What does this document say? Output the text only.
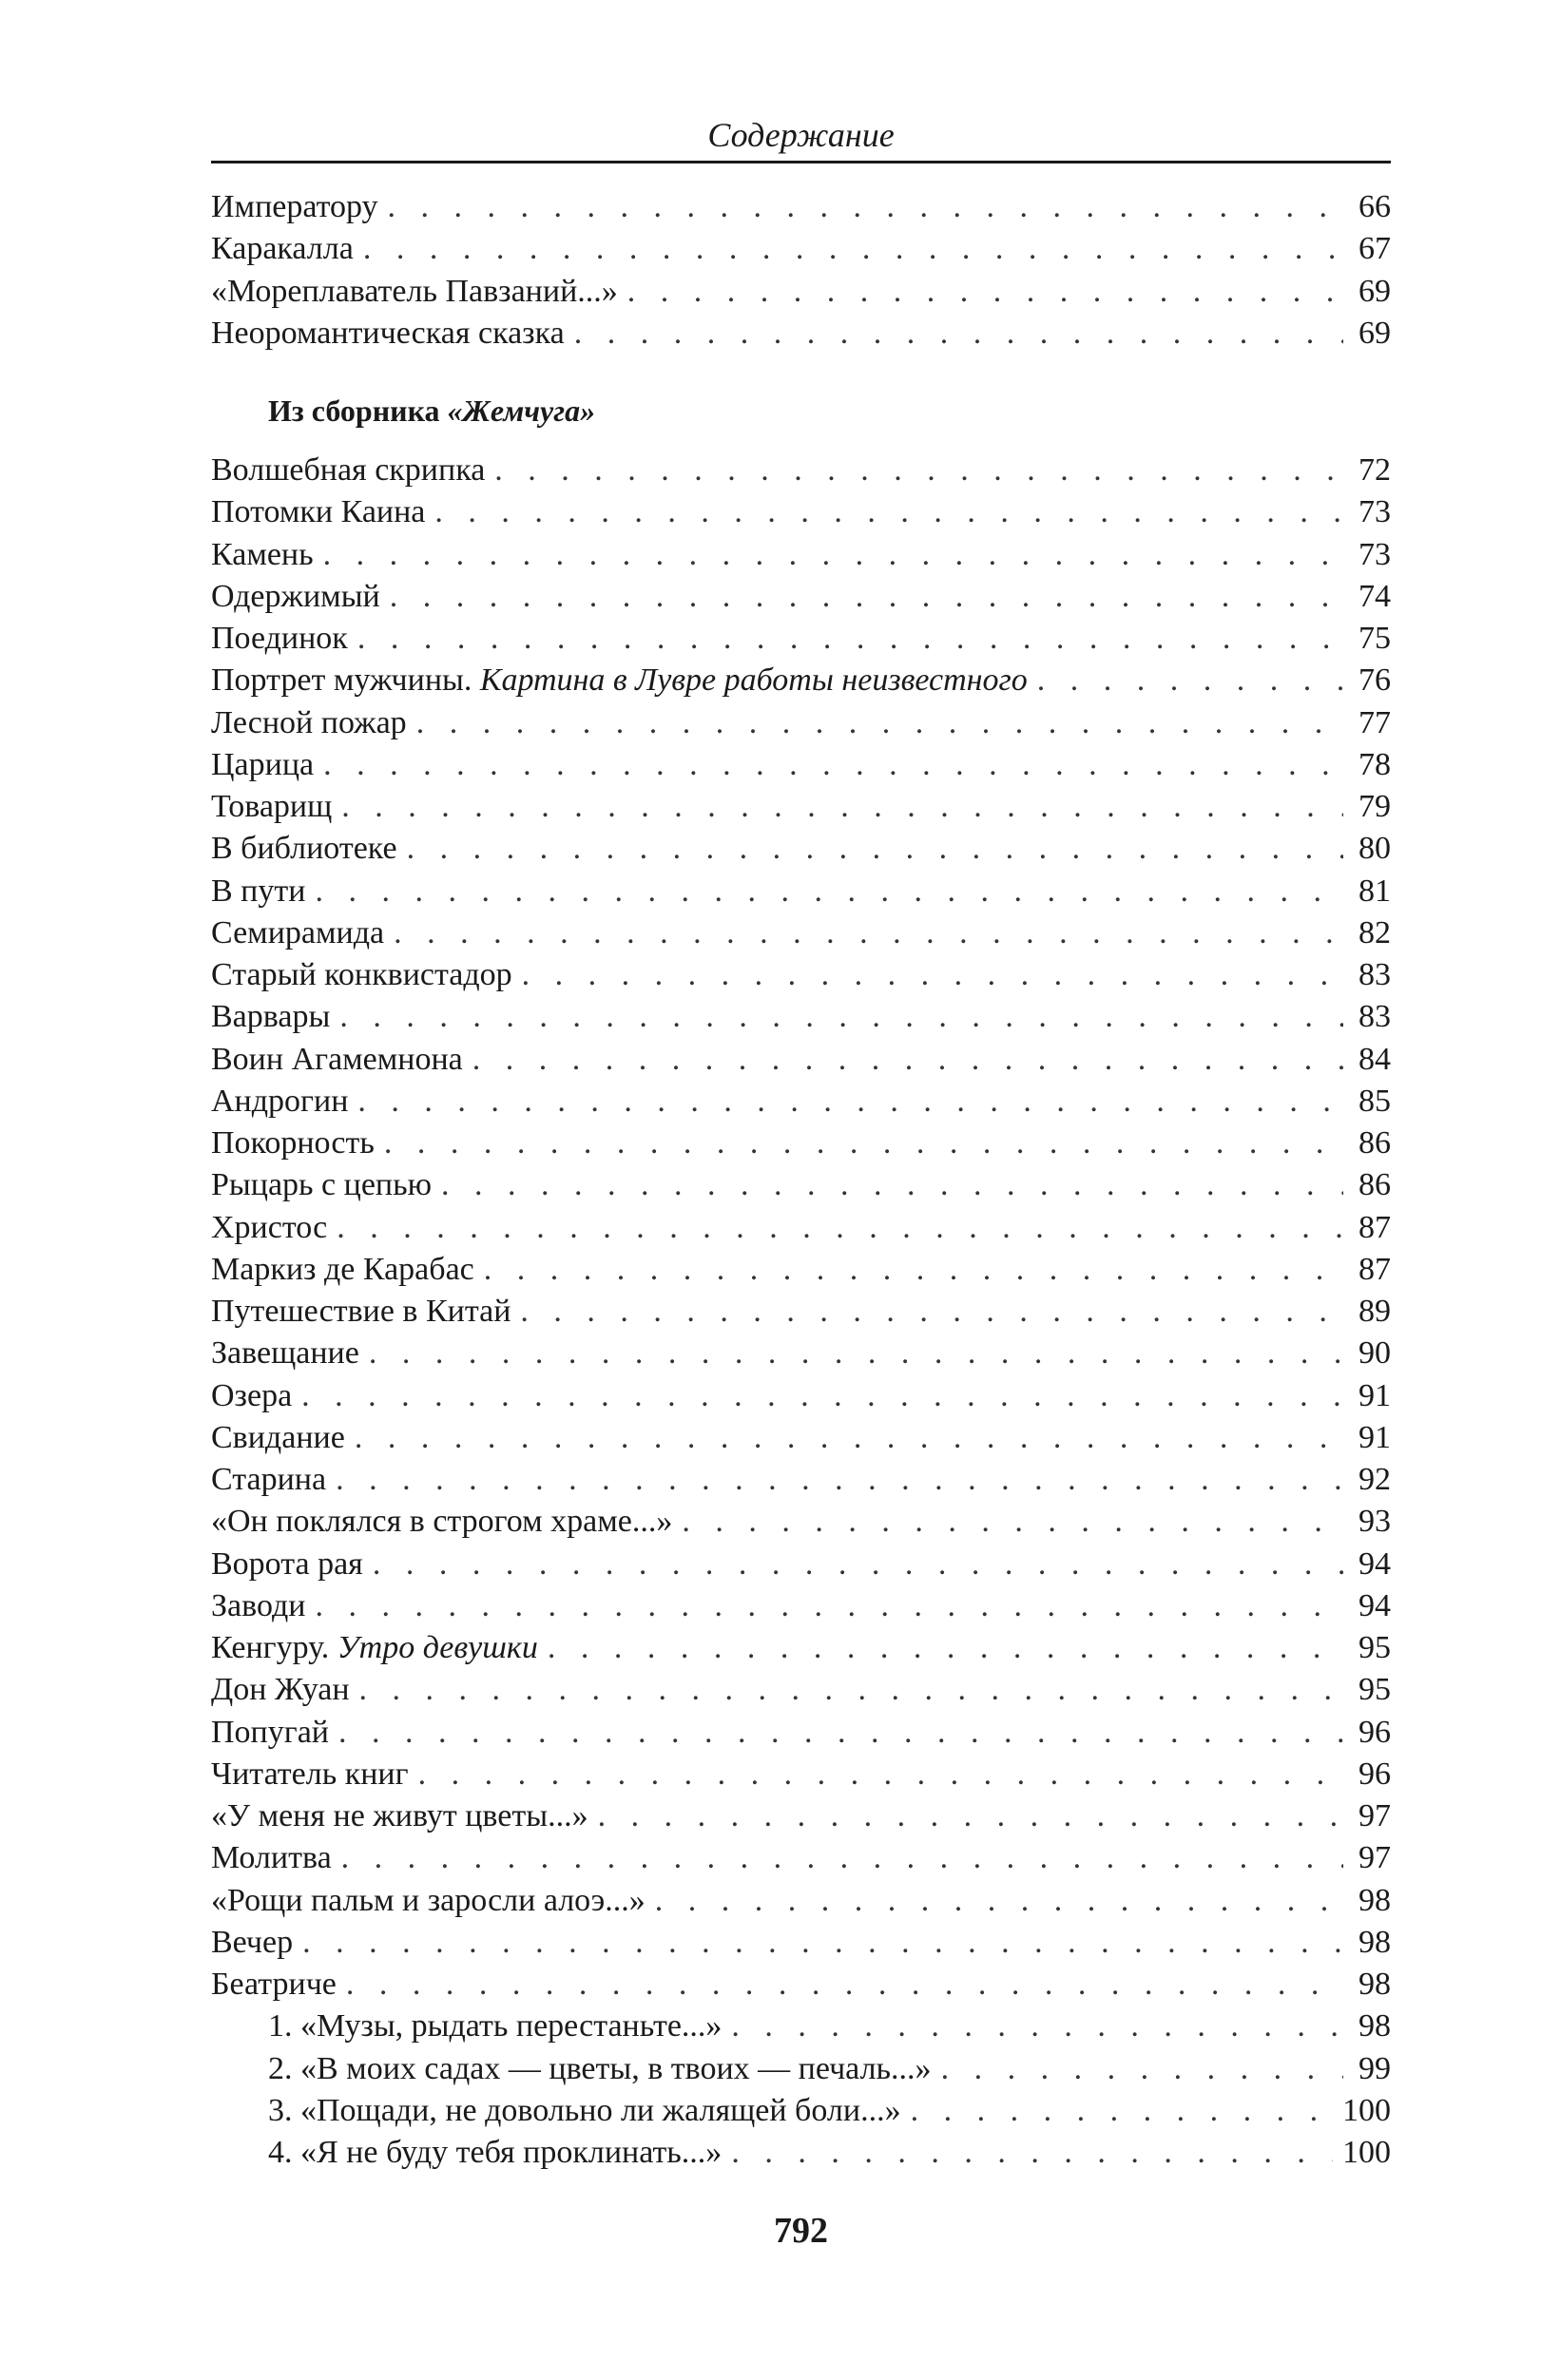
Содержание
Императору . . .	66
Каракалла . . .	67
«Мореплаватель Павзаний...» . . .	69
Неоромантическая сказка . . .	69
Из сборника «Жемчуга»
Волшебная скрипка . . .	72
Потомки Каина . . .	73
Камень . . .	73
Одержимый . . .	74
Поединок . . .	75
Портрет мужчины. Картина в Лувре работы неизвестного . . .	76
Лесной пожар . . .	77
Царица . . .	78
Товарищ . . .	79
В библиотеке . . .	80
В пути . . .	81
Семирамида . . .	82
Старый конквистадор . . .	83
Варвары . . .	83
Воин Агамемнона . . .	84
Андрогин . . .	85
Покорность . . .	86
Рыцарь с цепью . . .	86
Христос . . .	87
Маркиз де Карабас . . .	87
Путешествие в Китай . . .	89
Завещание . . .	90
Озера . . .	91
Свидание . . .	91
Старина . . .	92
«Он поклялся в строгом храме...» . . .	93
Ворота рая . . .	94
Заводи . . .	94
Кенгуру. Утро девушки . . .	95
Дон Жуан . . .	95
Попугай . . .	96
Читатель книг . . .	96
«У меня не живут цветы...» . . .	97
Молитва . . .	97
«Рощи пальм и заросли алоэ...» . . .	98
Вечер . . .	98
Беатриче . . .	98
1. «Музы, рыдать перестаньте...» . . .	98
2. «В моих садах — цветы, в твоих — печаль...» . . .	99
3. «Пощади, не довольно ли жалящей боли...» . . .	100
4. «Я не буду тебя проклинать...» . . .	100
792
